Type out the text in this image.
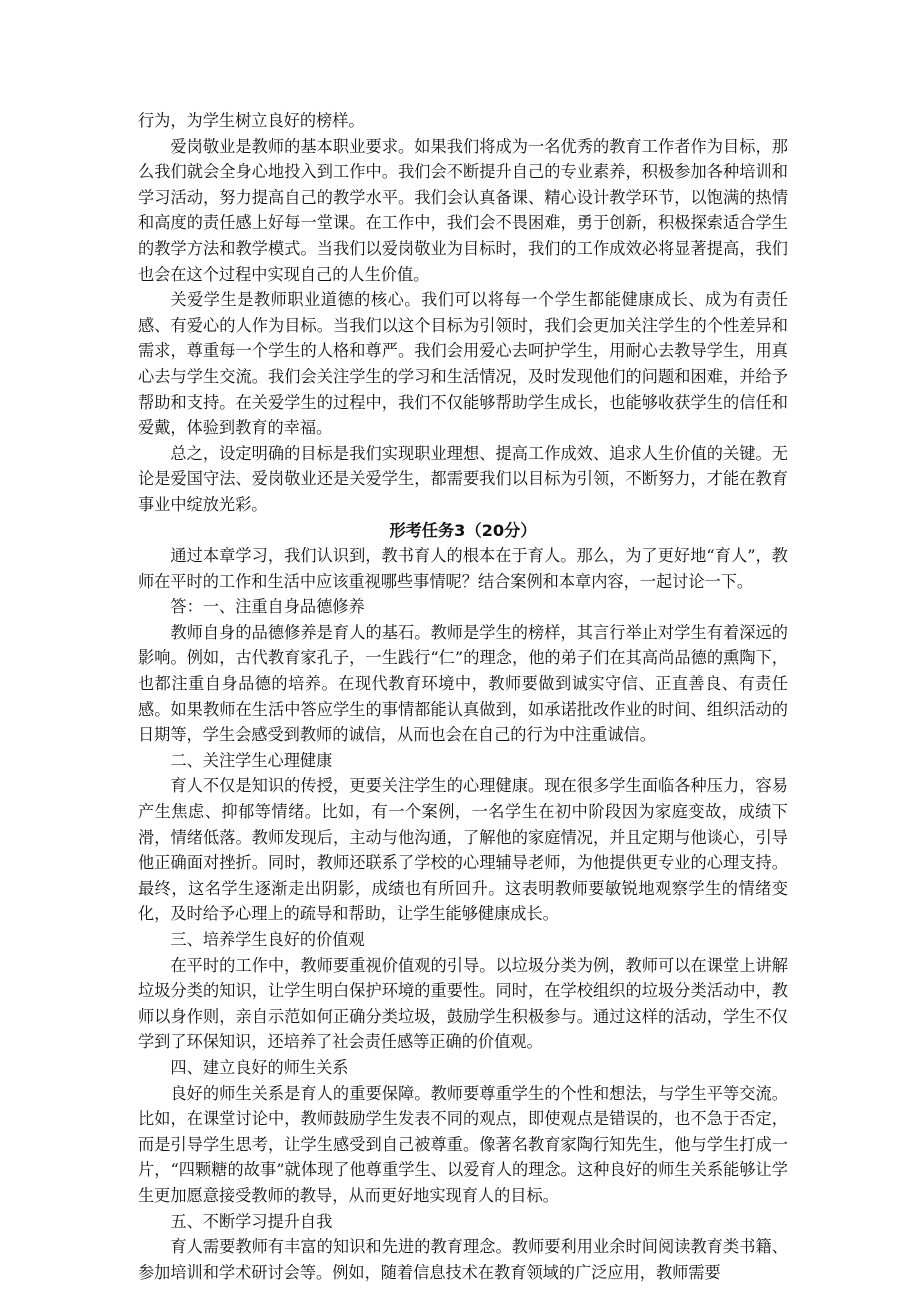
行为，为学生树立良好的榜样。

爱岗敬业是教师的基本职业要求。如果我们将成为一名优秀的教育工作者作为目标，那么我们就会全身心地投入到工作中。我们会不断提升自己的专业素养，积极参加各种培训和学习活动，努力提高自己的教学水平。我们会认真备课、精心设计教学环节，以饱满的热情和高度的责任感上好每一堂课。在工作中，我们会不畏困难，勇于创新，积极探索适合学生的教学方法和教学模式。当我们以爱岗敬业为目标时，我们的工作成效必将显著提高，我们也会在这个过程中实现自己的人生价值。

关爱学生是教师职业道德的核心。我们可以将每一个学生都能健康成长、成为有责任感、有爱心的人作为目标。当我们以这个目标为引领时，我们会更加关注学生的个性差异和需求，尊重每一个学生的人格和尊严。我们会用爱心去呵护学生，用耐心去教导学生，用真心去与学生交流。我们会关注学生的学习和生活情况，及时发现他们的问题和困难，并给予帮助和支持。在关爱学生的过程中，我们不仅能够帮助学生成长，也能够收获学生的信任和爱戴，体验到教育的幸福。

总之，设定明确的目标是我们实现职业理想、提高工作成效、追求人生价值的关键。无论是爱国守法、爱岗敬业还是关爱学生，都需要我们以目标为引领，不断努力，才能在教育事业中绽放光彩。

形考任务3（20分）

通过本章学习，我们认识到，教书育人的根本在于育人。那么，为了更好地“育人”，教师在平时的工作和生活中应该重视哪些事情呢？结合案例和本章内容，一起讨论一下。

答：一、注重自身品德修养

教师自身的品德修养是育人的基石。教师是学生的榜样，其言行举止对学生有着深远的影响。例如，古代教育家孔子，一生践行“仁”的理念，他的弟子们在其高尚品德的熏陶下，也都注重自身品德的培养。在现代教育环境中，教师要做到诚实守信、正直善良、有责任感。如果教师在生活中答应学生的事情都能认真做到，如承诺批改作业的时间、组织活动的日期等，学生会感受到教师的诚信，从而也会在自己的行为中注重诚信。

二、关注学生心理健康

育人不仅是知识的传授，更要关注学生的心理健康。现在很多学生面临各种压力，容易产生焦虑、抑郁等情绪。比如，有一个案例，一名学生在初中阶段因为家庭变故，成绩下滑，情绪低落。教师发现后，主动与他沟通，了解他的家庭情况，并且定期与他谈心，引导他正确面对挫折。同时，教师还联系了学校的心理辅导老师，为他提供更专业的心理支持。最终，这名学生逐渐走出阴影，成绩也有所回升。这表明教师要敏锐地观察学生的情绪变化，及时给予心理上的疏导和帮助，让学生能够健康成长。

三、培养学生良好的价值观

在平时的工作中，教师要重视价值观的引导。以垃圾分类为例，教师可以在课堂上讲解垃圾分类的知识，让学生明白保护环境的重要性。同时，在学校组织的垃圾分类活动中，教师以身作则，亲自示范如何正确分类垃圾，鼓励学生积极参与。通过这样的活动，学生不仅学到了环保知识，还培养了社会责任感等正确的价值观。

四、建立良好的师生关系

良好的师生关系是育人的重要保障。教师要尊重学生的个性和想法，与学生平等交流。比如，在课堂讨论中，教师鼓励学生发表不同的观点，即使观点是错误的，也不急于否定，而是引导学生思考，让学生感受到自己被尊重。像著名教育家陶行知先生，他与学生打成一片，“四颗糖的故事”就体现了他尊重学生、以爱育人的理念。这种良好的师生关系能够让学生更加愿意接受教师的教导，从而更好地实现育人的目标。

五、不断学习提升自我

育人需要教师有丰富的知识和先进的教育理念。教师要利用业余时间阅读教育类书籍、参加培训和学术研讨会等。例如，随着信息技术在教育领域的广泛应用，教师需要
